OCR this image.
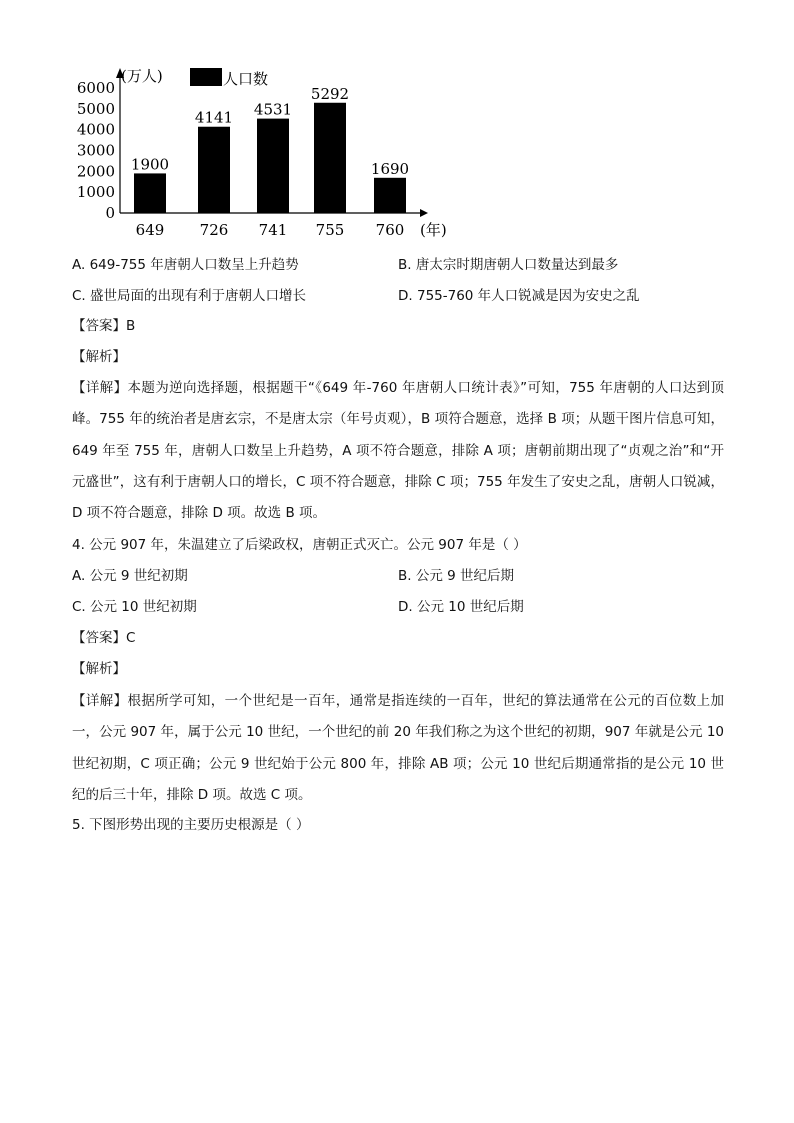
0
1000
2000
3000
4000
5000
6000
(万人)	人口数
1900
649
4141
726
4531
741
5292
755
1690
760 (年)
A. 649-755 年唐朝人口数呈上升趋势	B. 唐太宗时期唐朝人口数量达到最多
C. 盛世局面的出现有利于唐朝人口增长	D. 755-760 年人口锐减是因为安史之乱
【答案】B
【解析】
【详解】本题为逆向选择题，根据题干“《649 年-760 年唐朝人口统计表》”可知，755 年唐朝的人口达到顶峰。755 年的统治者是唐玄宗，不是唐太宗（年号贞观），B 项符合题意，选择 B 项；从题干图片信息可知，649 年至 755 年，唐朝人口数呈上升趋势，A 项不符合题意，排除 A 项；唐朝前期出现了“贞观之治”和“开元盛世”，这有利于唐朝人口的增长，C 项不符合题意，排除 C 项；755 年发生了安史之乱，唐朝人口锐减，D 项不符合题意，排除 D 项。故选 B 项。
4. 公元 907 年，朱温建立了后梁政权，唐朝正式灭亡。公元 907 年是（ ）
A. 公元 9 世纪初期	B. 公元 9 世纪后期
C. 公元 10 世纪初期	D. 公元 10 世纪后期
【答案】C
【解析】
【详解】根据所学可知，一个世纪是一百年，通常是指连续的一百年，世纪的算法通常在公元的百位数上加一，公元 907 年，属于公元 10 世纪，一个世纪的前 20 年我们称之为这个世纪的初期，907 年就是公元 10 世纪初期，C 项正确；公元 9 世纪始于公元 800 年，排除 AB 项；公元 10 世纪后期通常指的是公元 10 世纪的后三十年，排除 D 项。故选 C 项。
5. 下图形势出现的主要历史根源是（ ）
